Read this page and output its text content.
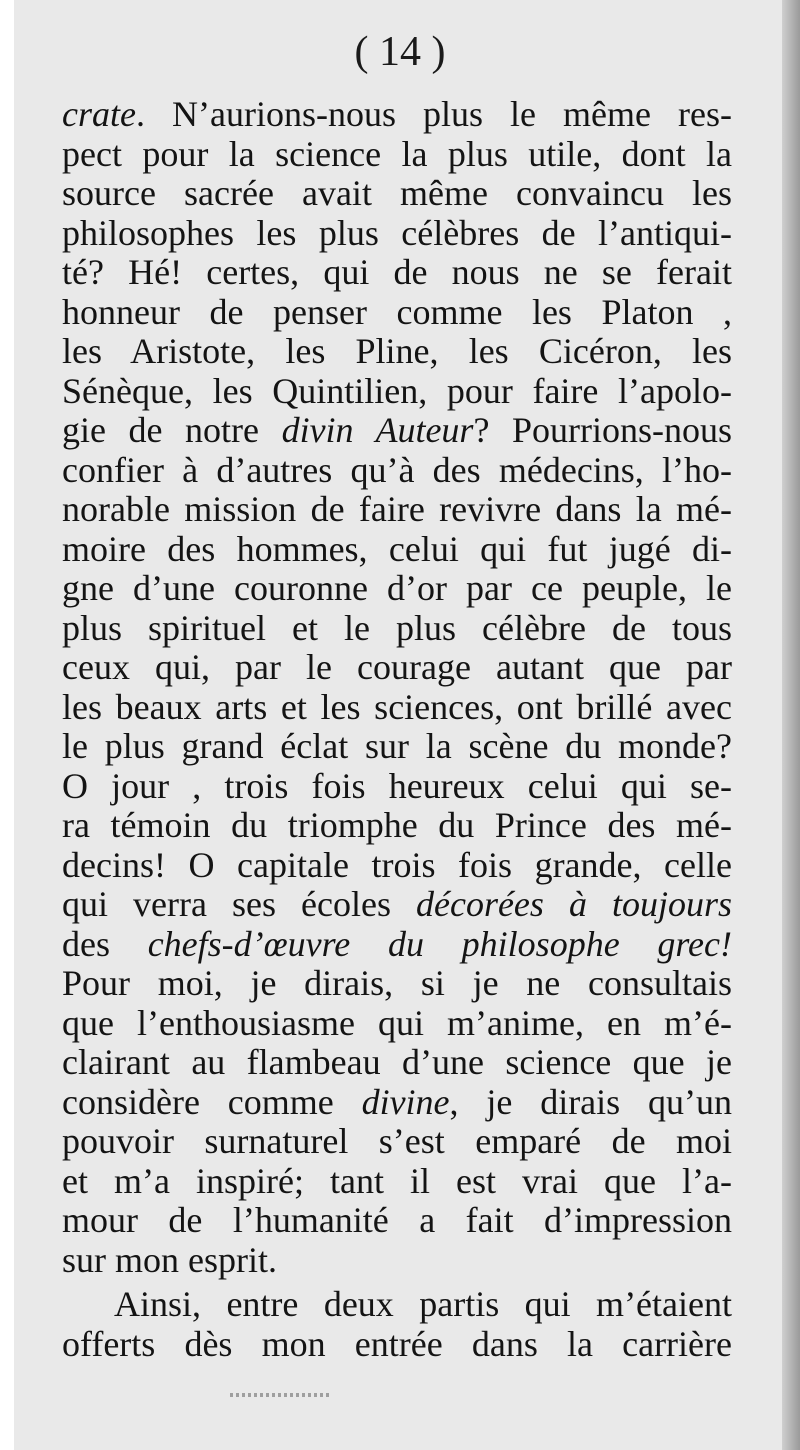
( 14 )
crate. N’aurions-nous plus le même res-
pect pour la science la plus utile, dont la
source sacrée avait même convaincu les
philosophes les plus célèbres de l’antiqui-
té? Hé! certes, qui de nous ne se ferait
honneur de penser comme les Platon ,
les Aristote, les Pline, les Cicéron, les
Sénèque, les Quintilien, pour faire l’apolo-
gie de notre divin Auteur? Pourrions-nous
confier à d’autres qu’à des médecins, l’ho-
norable mission de faire revivre dans la mé-
moire des hommes, celui qui fut jugé di-
gne d’une couronne d’or par ce peuple, le
plus spirituel et le plus célèbre de tous
ceux qui, par le courage autant que par
les beaux arts et les sciences, ont brillé avec
le plus grand éclat sur la scène du monde?
O jour , trois fois heureux celui qui se-
ra témoin du triomphe du Prince des mé-
decins! O capitale trois fois grande, celle
qui verra ses écoles décorées à toujours
des chefs-d’œuvre du philosophe grec!
Pour moi, je dirais, si je ne consultais
que l’enthousiasme qui m’anime, en m’é-
clairant au flambeau d’une science que je
considère comme divine, je dirais qu’un
pouvoir surnaturel s’est emparé de moi
et m’a inspiré; tant il est vrai que l’a-
mour de l’humanité a fait d’impression
sur mon esprit.
Ainsi, entre deux partis qui m’étaient
offerts dès mon entrée dans la carrière
